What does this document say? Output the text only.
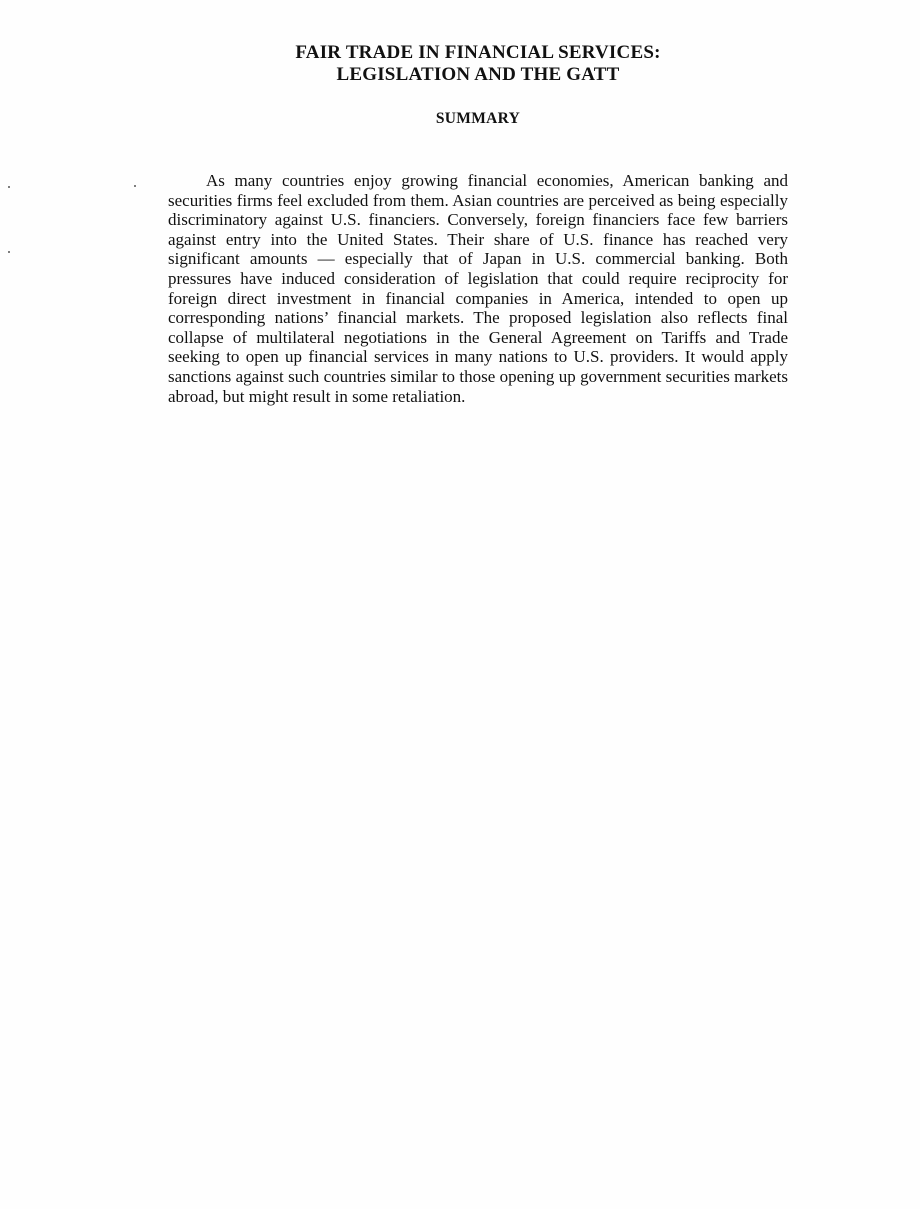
FAIR TRADE IN FINANCIAL SERVICES:
LEGISLATION AND THE GATT
SUMMARY

As many countries enjoy growing financial economies, American banking and securities firms feel excluded from them. Asian countries are perceived as being especially discriminatory against U.S. financiers. Conversely, foreign financiers face few barriers against entry into the United States. Their share of U.S. finance has reached very significant amounts — especially that of Japan in U.S. commercial banking. Both pressures have induced consideration of legislation that could require reciprocity for foreign direct investment in financial companies in America, intended to open up corresponding nations’ financial markets. The proposed legislation also reflects final collapse of multilateral negotiations in the General Agreement on Tariffs and Trade seeking to open up financial services in many nations to U.S. providers. It would apply sanctions against such countries similar to those opening up government securities markets abroad, but might result in some retaliation.
